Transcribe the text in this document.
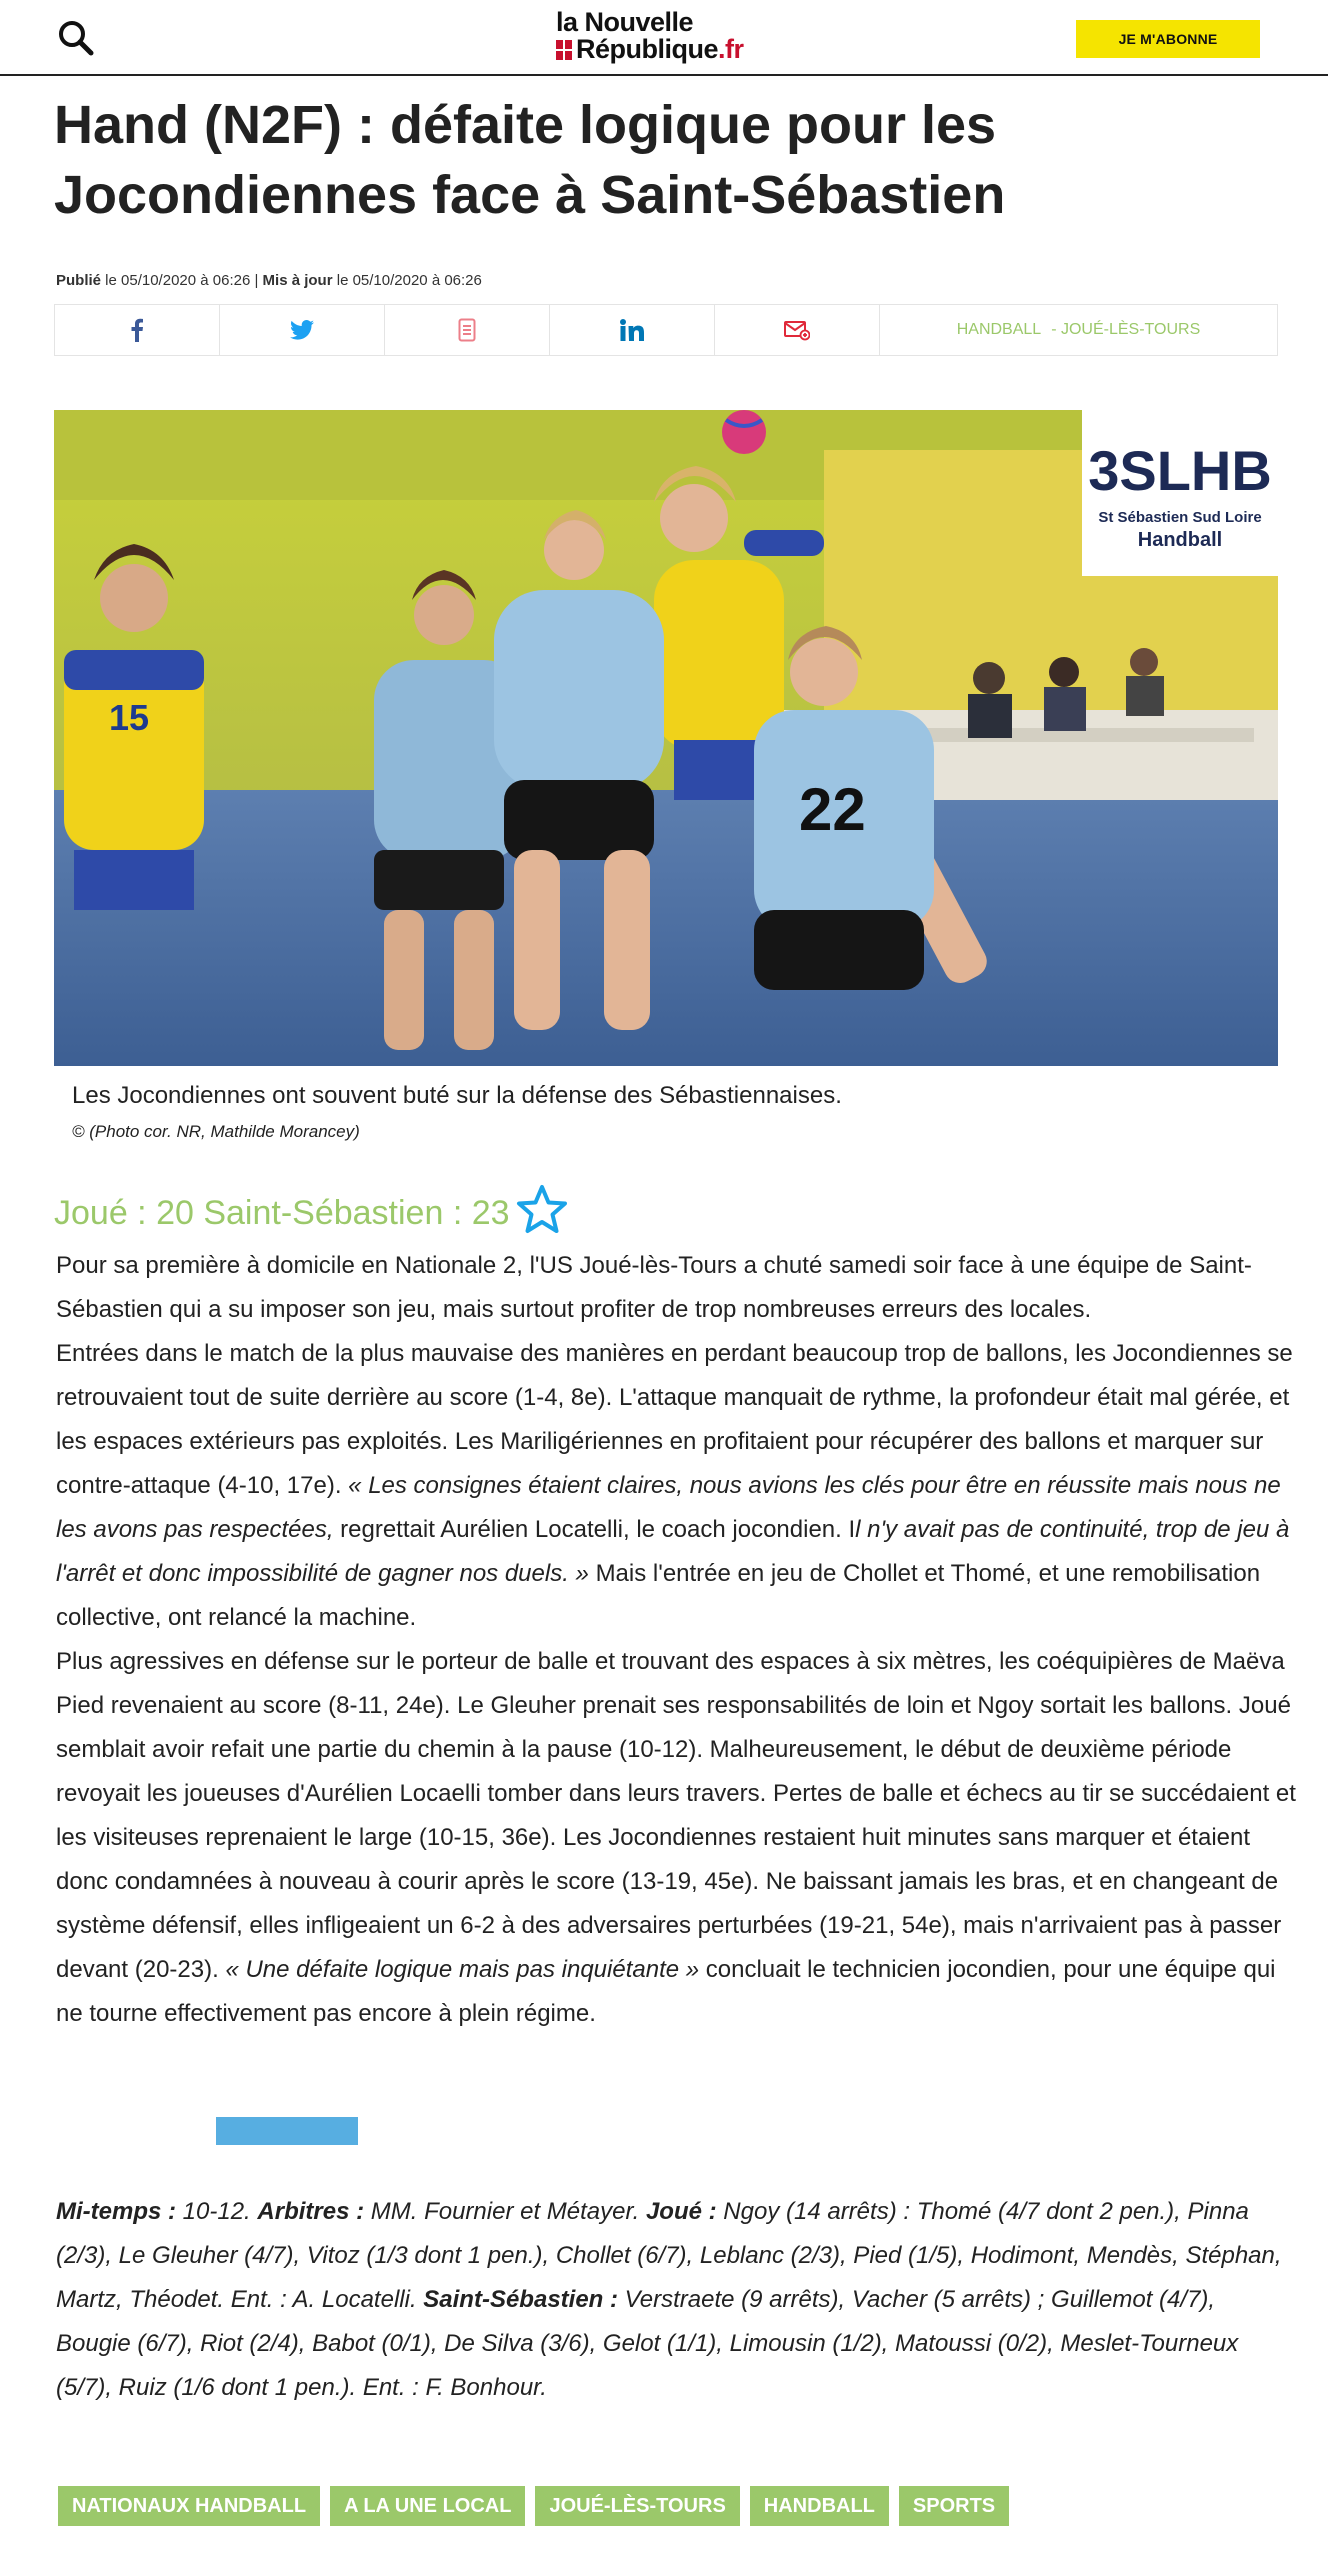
la Nouvelle
République.fr	JE M'ABONNE
Hand (N2F) : défaite logique pour les Jocondiennes face à Saint-Sébastien
Publié le 05/10/2020 à 06:26 | Mis à jour le 05/10/2020 à 06:26
HANDBALL - JOUÉ-LÈS-TOURS
15
22
3SLHB
St Sébastien Sud Loire
Handball
Les Jocondiennes ont souvent buté sur la défense des Sébastiennaises.
© (Photo cor. NR, Mathilde Morancey)
Joué : 20 Saint-Sébastien : 23

Pour sa première à domicile en Nationale 2, l'US Joué-lès-Tours a chuté samedi soir face à une équipe de Saint-Sébastien qui a su imposer son jeu, mais surtout profiter de trop nombreuses erreurs des locales.

Entrées dans le match de la plus mauvaise des manières en perdant beaucoup trop de ballons, les Jocondiennes se retrouvaient tout de suite derrière au score (1-4, 8e). L'attaque manquait de rythme, la profondeur était mal gérée, et les espaces extérieurs pas exploités. Les Mariligériennes en profitaient pour récupérer des ballons et marquer sur contre-attaque (4-10, 17e). « Les consignes étaient claires, nous avions les clés pour être en réussite mais nous ne les avons pas respectées, regrettait Aurélien Locatelli, le coach jocondien. Il n'y avait pas de continuité, trop de jeu à l'arrêt et donc impossibilité de gagner nos duels. » Mais l'entrée en jeu de Chollet et Thomé, et une remobilisation collective, ont relancé la machine.

Plus agressives en défense sur le porteur de balle et trouvant des espaces à six mètres, les coéquipières de Maëva Pied revenaient au score (8-11, 24e). Le Gleuher prenait ses responsabilités de loin et Ngoy sortait les ballons. Joué semblait avoir refait une partie du chemin à la pause (10-12). Malheureusement, le début de deuxième période revoyait les joueuses d'Aurélien Locaelli tomber dans leurs travers. Pertes de balle et échecs au tir se succédaient et les visiteuses reprenaient le large (10-15, 36e). Les Jocondiennes restaient huit minutes sans marquer et étaient donc condamnées à nouveau à courir après le score (13-19, 45e). Ne baissant jamais les bras, et en changeant de système défensif, elles infligeaient un 6-2 à des adversaires perturbées (19-21, 54e), mais n'arrivaient pas à passer devant (20-23). « Une défaite logique mais pas inquiétante » concluait le technicien jocondien, pour une équipe qui ne tourne effectivement pas encore à plein régime.

Mi-temps : 10-12. Arbitres : MM. Fournier et Métayer. Joué : Ngoy (14 arrêts) : Thomé (4/7 dont 2 pen.), Pinna (2/3), Le Gleuher (4/7), Vitoz (1/3 dont 1 pen.), Chollet (6/7), Leblanc (2/3), Pied (1/5), Hodimont, Mendès, Stéphan, Martz, Théodet. Ent. : A. Locatelli. Saint-Sébastien : Verstraete (9 arrêts), Vacher (5 arrêts) ; Guillemot (4/7), Bougie (6/7), Riot (2/4), Babot (0/1), De Silva (3/6), Gelot (1/1), Limousin (1/2), Matoussi (0/2), Meslet-Tourneux (5/7), Ruiz (1/6 dont 1 pen.). Ent. : F. Bonhour.
NATIONAUX HANDBALL	A LA UNE LOCAL	JOUÉ-LÈS-TOURS	HANDBALL	SPORTS
